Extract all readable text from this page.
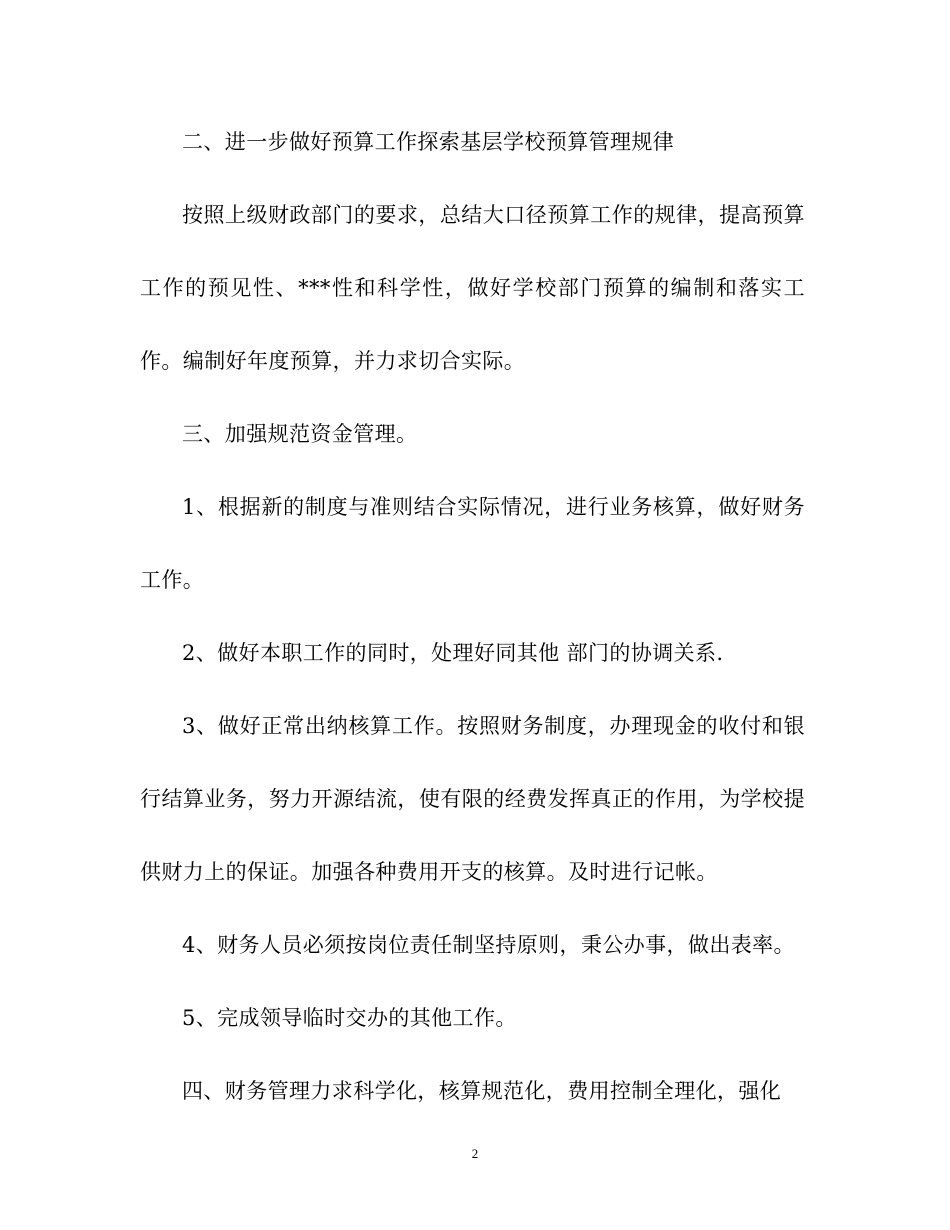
二、进一步做好预算工作探索基层学校预算管理规律

按照上级财政部门的要求，总结大口径预算工作的规律，提高预算工作的预见性、***性和科学性，做好学校部门预算的编制和落实工作。编制好年度预算，并力求切合实际。

三、加强规范资金管理。

1、根据新的制度与准则结合实际情况，进行业务核算，做好财务工作。

2、做好本职工作的同时，处理好同其他 部门的协调关系.

3、做好正常出纳核算工作。按照财务制度，办理现金的收付和银行结算业务，努力开源结流，使有限的经费发挥真正的作用，为学校提供财力上的保证。加强各种费用开支的核算。及时进行记帐。

4、财务人员必须按岗位责任制坚持原则，秉公办事，做出表率。

5、完成领导临时交办的其他工作。

四、财务管理力求科学化，核算规范化，费用控制全理化，强化

2
